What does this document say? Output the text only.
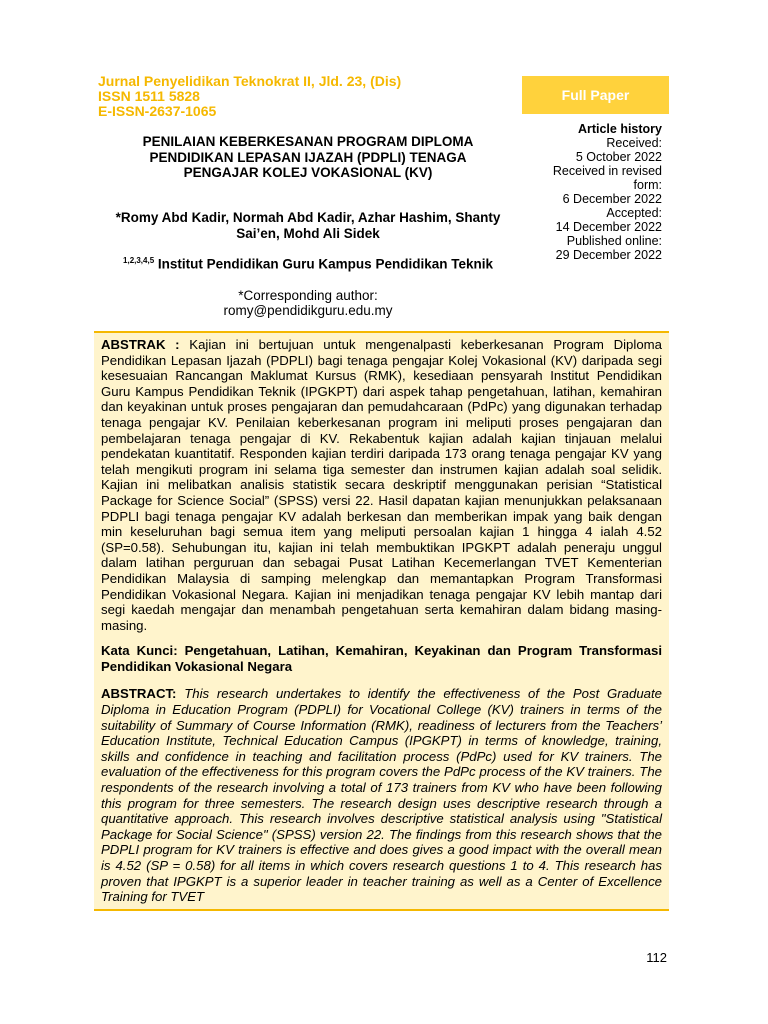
Jurnal Penyelidikan Teknokrat II, Jld. 23, (Dis)
ISSN 1511 5828
E-ISSN-2637-1065
Full Paper
Article history
Received:
5 October 2022
Received in revised
form:
6 December 2022
Accepted:
14 December 2022
Published online:
29 December 2022
PENILAIAN KEBERKESANAN PROGRAM DIPLOMA
PENDIDIKAN LEPASAN IJAZAH (PDPLI) TENAGA
PENGAJAR KOLEJ VOKASIONAL (KV)
*Romy Abd Kadir, Normah Abd Kadir, Azhar Hashim, Shanty
Sai’en, Mohd Ali Sidek
$^{1,2,3,4,5}$ Institut Pendidikan Guru Kampus Pendidikan Teknik
*Corresponding author:
romy@pendidikguru.edu.my

ABSTRAK : Kajian ini bertujuan untuk mengenalpasti keberkesanan Program Diploma Pendidikan Lepasan Ijazah (PDPLI) bagi tenaga pengajar Kolej Vokasional (KV) daripada segi kesesuaian Rancangan Maklumat Kursus (RMK), kesediaan pensyarah Institut Pendidikan Guru Kampus Pendidikan Teknik (IPGKPT) dari aspek tahap pengetahuan, latihan, kemahiran dan keyakinan untuk proses pengajaran dan pemudahcaraan (PdPc) yang digunakan terhadap tenaga pengajar KV. Penilaian keberkesanan program ini meliputi proses pengajaran dan pembelajaran tenaga pengajar di KV. Rekabentuk kajian adalah kajian tinjauan melalui pendekatan kuantitatif. Responden kajian terdiri daripada 173 orang tenaga pengajar KV yang telah mengikuti program ini selama tiga semester dan instrumen kajian adalah soal selidik. Kajian ini melibatkan analisis statistik secara deskriptif menggunakan perisian “Statistical Package for Science Social” (SPSS) versi 22. Hasil dapatan kajian menunjukkan pelaksanaan PDPLI bagi tenaga pengajar KV adalah berkesan dan memberikan impak yang baik dengan min keseluruhan bagi semua item yang meliputi persoalan kajian 1 hingga 4 ialah 4.52 (SP=0.58). Sehubungan itu, kajian ini telah membuktikan IPGKPT adalah peneraju unggul dalam latihan perguruan dan sebagai Pusat Latihan Kecemerlangan TVET Kementerian Pendidikan Malaysia di samping melengkap dan memantapkan Program Transformasi Pendidikan Vokasional Negara. Kajian ini menjadikan tenaga pengajar KV lebih mantap dari segi kaedah mengajar dan menambah pengetahuan serta kemahiran dalam bidang masing-masing.

Kata Kunci: Pengetahuan, Latihan, Kemahiran, Keyakinan dan Program Transformasi Pendidikan Vokasional Negara

ABSTRACT: This research undertakes to identify the effectiveness of the Post Graduate Diploma in Education Program (PDPLI) for Vocational College (KV) trainers in terms of the suitability of Summary of Course Information (RMK), readiness of lecturers from the Teachers’ Education Institute, Technical Education Campus (IPGKPT) in terms of knowledge, training, skills and confidence in teaching and facilitation process (PdPc) used for KV trainers. The evaluation of the effectiveness for this program covers the PdPc process of the KV trainers. The respondents of the research involving a total of 173 trainers from KV who have been following this program for three semesters. The research design uses descriptive research through a quantitative approach. This research involves descriptive statistical analysis using "Statistical Package for Social Science" (SPSS) version 22. The findings from this research shows that the PDPLI program for KV trainers is effective and does gives a good impact with the overall mean is 4.52 (SP = 0.58) for all items in which covers research questions 1 to 4. This research has proven that IPGKPT is a superior leader in teacher training as well as a Center of Excellence Training for TVET

112
